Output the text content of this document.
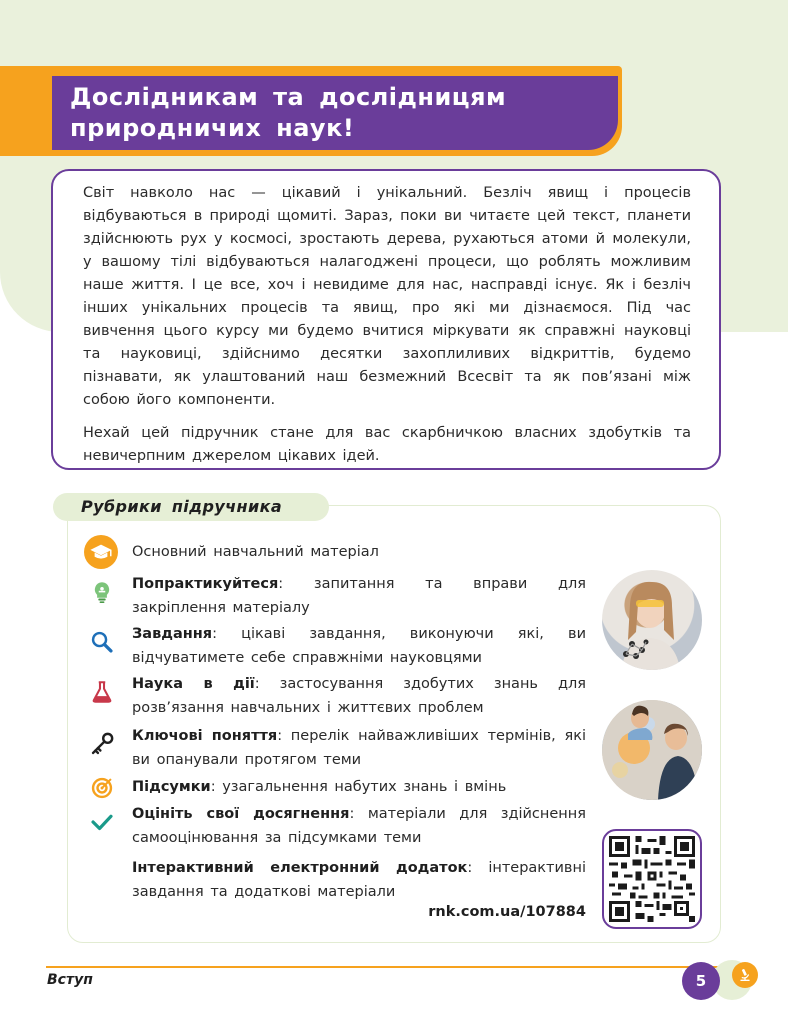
Дослідникам та дослідницям
природничих наук!

Світ навколо нас — цікавий і унікальний. Безліч явищ і процесів відбуваються в природі щомиті. Зараз, поки ви читаєте цей текст, планети здійснюють рух у космосі, зростають дерева, рухаються атоми й молекули, у вашому тілі відбуваються налагоджені процеси, що роблять можливим наше життя. І це все, хоч і невидиме для нас, насправді існує. Як і безліч інших унікальних процесів та явищ, про які ми дізнаємося. Під час вивчення цього курсу ми будемо вчитися міркувати як справжні науковці та науковиці, здійснимо десятки захоплиливих відкриттів, будемо пізнавати, як улаштований наш безмежний Всесвіт та як пов’язані між собою його компоненти.

Нехай цей підручник стане для вас скарбничкою власних здобутків та невичерпним джерелом цікавих ідей.

Рубрики підручника
Основний навчальний матеріал
Попрактикуйтеся: запитання та вправи для закріплення матеріалу
Завдання: цікаві завдання, виконуючи які, ви відчуватимете себе справжніми науковцями
Наука в дії: застосування здобутих знань для розв’язання навчальних і життєвих проблем
Ключові поняття: перелік найважливіших термінів, які ви опанували протягом теми
Підсумки: узагальнення набутих знань і вмінь
Оцініть свої досягнення: матеріали для здійснення самооцінювання за підсумками теми
Інтерактивний електронний додаток: інтерактивні завдання та додаткові матеріали
rnk.com.ua/107884
Вступ	5
